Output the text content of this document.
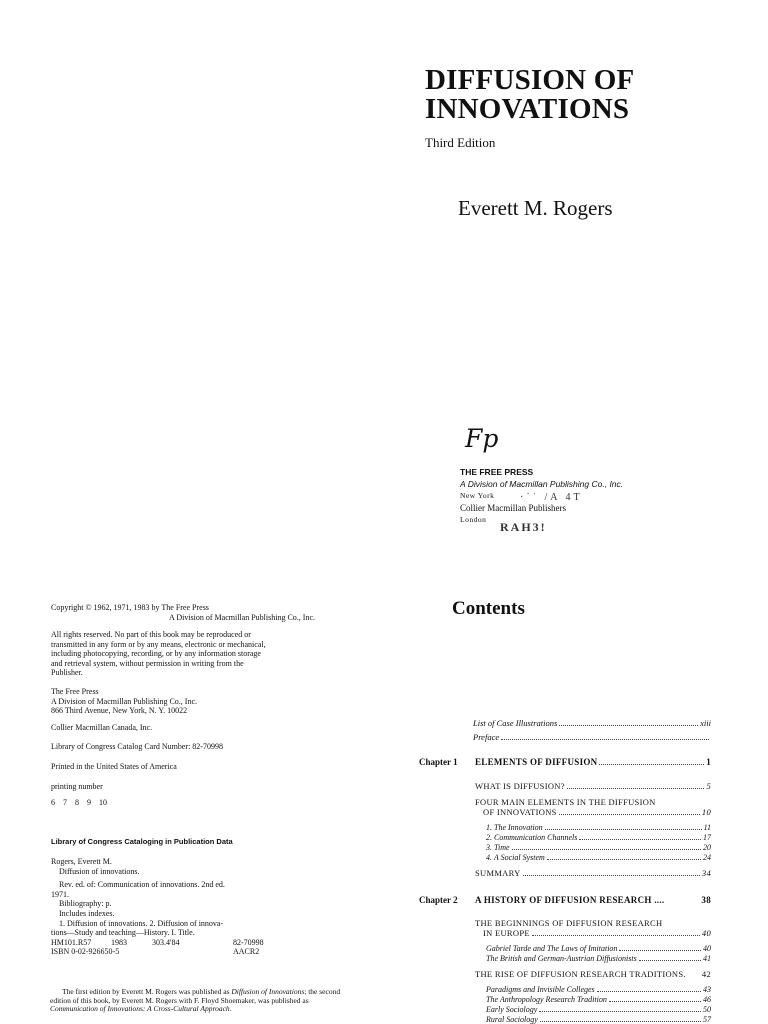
DIFFUSION OF
INNOVATIONS
Third Edition
Everett M. Rogers
Fp
THE FREE PRESS
A Division of Macmillan Publishing Co., Inc.
New York
Collier Macmillan Publishers
London
·˙ˈ /A 4Ƭ
RAH3!

Copyright © 1962, 1971, 1983 by The Free Press

A Division of Macmillan Publishing Co., Inc.

All rights reserved. No part of this book may be reproduced or

transmitted in any form or by any means, electronic or mechanical,

including photocopying, recording, or by any information storage

and retrieval system, without permission in writing from the

Publisher.

The Free Press

A Division of Macmillan Publishing Co., Inc.

866 Third Avenue, New York, N. Y. 10022

Collier Macmillan Canada, Inc.
Library of Congress Catalog Card Number: 82-70998
Printed in the United States of America
printing number
6    7    8    9    10

Library of Congress Cataloging in Publication Data

Rogers, Everett M.

Diffusion of innovations.

Rev. ed. of: Communication of innovations. 2nd ed.

1971.

Bibliography: p.

Includes indexes.

1. Diffusion of innovations. 2. Diffusion of innova-

tions—Study and teaching—History. I. Title.

HM101.R57	1983	303.4'84	82-70998
ISBN 0-02-926650-5	AACR2
The first edition by Everett M. Rogers was published as Diffusion of Innovations; the second edition of this book, by Everett M. Rogers with F. Floyd Shoemaker, was published as Communication of Innovations: A Cross-Cultural Approach.
Contents
List of Case Illustrations	xiii
Preface
Chapter 1 ELEMENTS OF DIFFUSION	1
WHAT IS DIFFUSION?	5
FOUR MAIN ELEMENTS IN THE DIFFUSION
OF INNOVATIONS	10
1. The Innovation	11
2. Communication Channels	17
3. Time	20
4. A Social System	24
SUMMARY	34
Chapter 2 A HISTORY OF DIFFUSION RESEARCH ....	38
THE BEGINNINGS OF DIFFUSION RESEARCH
IN EUROPE	40
Gabriel Tarde and The Laws of Imitation	40
The British and German-Austrian Diffusionists	41
THE RISE OF DIFFUSION RESEARCH TRADITIONS. 42
Paradigms and Invisible Colleges	43
The Anthropology Research Tradition	46
Early Sociology	50
Rural Sociology	57
